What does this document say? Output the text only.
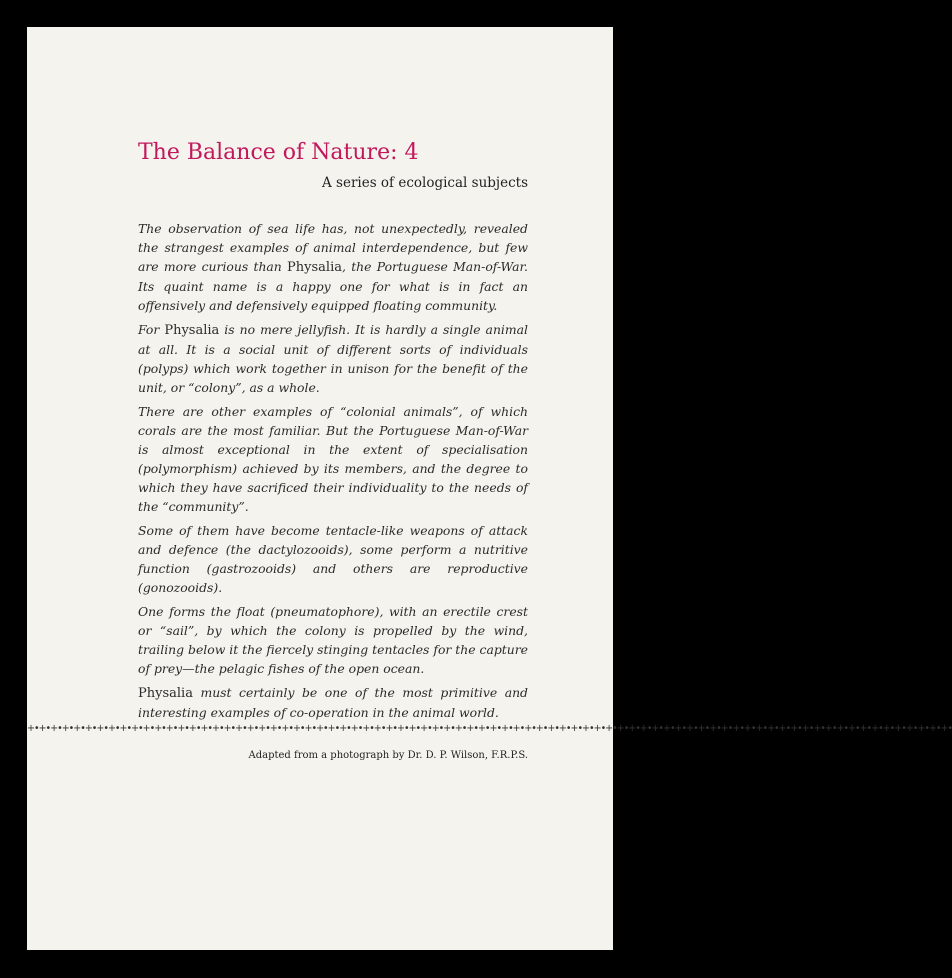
The Balance of Nature: 4

A series of ecological subjects

The observation of sea life has, not unexpectedly, revealed the strangest examples of animal interdependence, but few are more curious than Physalia, the Portuguese Man-of-War. Its quaint name is a happy one for what is in fact an offensively and defensively equipped floating community.

For Physalia is no mere jellyfish. It is hardly a single animal at all. It is a social unit of different sorts of individuals (polyps) which work together in unison for the benefit of the unit, or “colony”, as a whole.

There are other examples of “colonial animals”, of which corals are the most familiar. But the Portuguese Man-of-War is almost exceptional in the extent of specialisation (polymorphism) achieved by its members, and the degree to which they have sacrificed their individuality to the needs of the “community”.

Some of them have become tentacle-like weapons of attack and defence (the dactylozooids), some perform a nutritive function (gastrozooids) and others are reproductive (gonozooids).

One forms the float (pneumatophore), with an erectile crest or “sail”, by which the colony is propelled by the wind, trailing below it the fiercely stinging tentacles for the capture of prey—the pelagic fishes of the open ocean.

Physalia must certainly be one of the most primitive and interesting examples of co-operation in the animal world.

+•+•+•+•+•+•+•+•+•+•+•+•+•+•+•+•+•+•+•+•+•+•+•+•+•+•+•+•+•+•+•+•+•+•+•+•+•+•+•+•+•+•+•+•+•+•+•+•+•+•+•+•+•+•+•+•+•+•+•+•+•+•+•+•+•+•+•+•+•+•+•+•+•+•+•+•+•+•+•+•

Adapted from a photograph by Dr. D. P. Wilson, F.R.P.S.
